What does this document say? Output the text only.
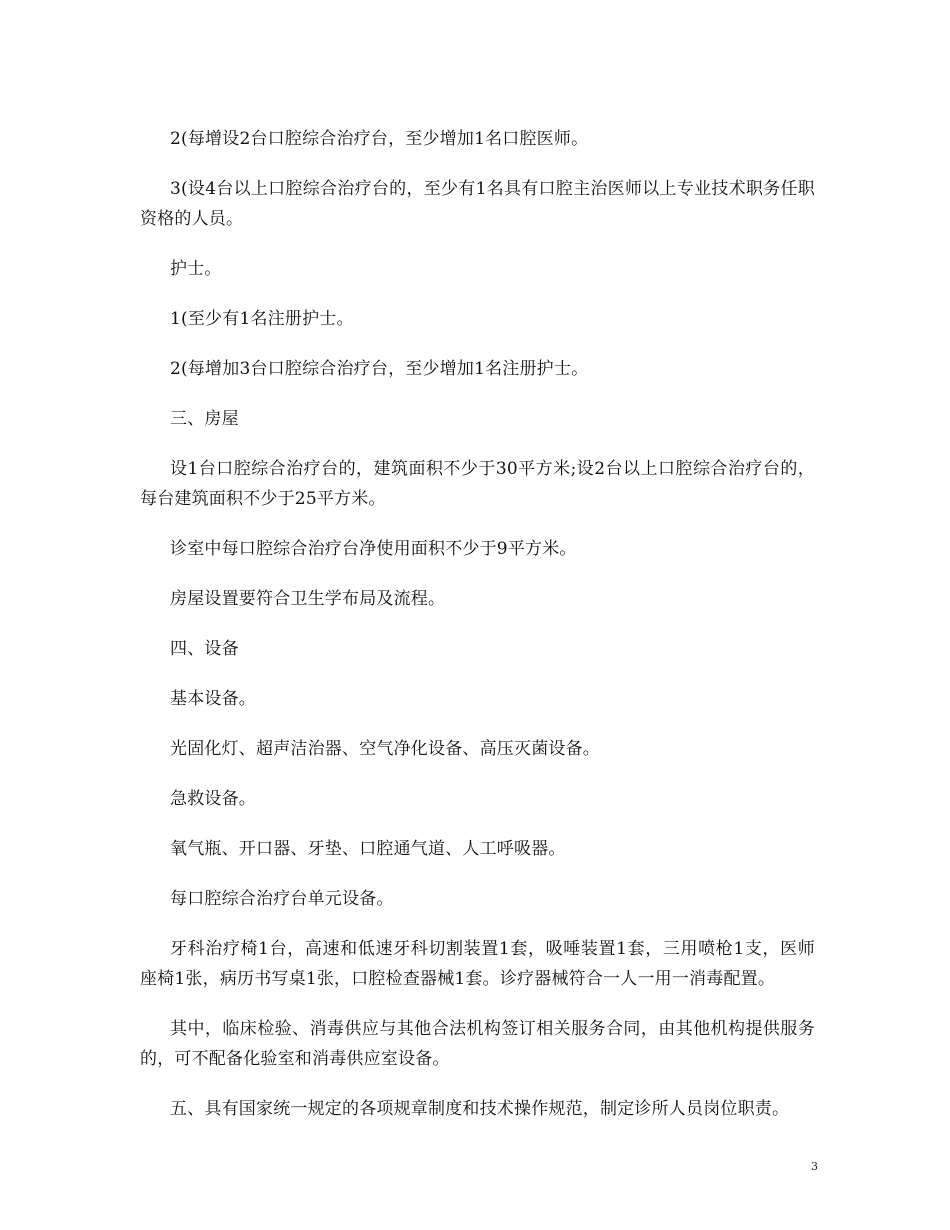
2(每增设2台口腔综合治疗台，至少增加1名口腔医师。

3(设4台以上口腔综合治疗台的，至少有1名具有口腔主治医师以上专业技术职务任职资格的人员。

护士。

1(至少有1名注册护士。

2(每增加3台口腔综合治疗台，至少增加1名注册护士。

三、房屋

设1台口腔综合治疗台的，建筑面积不少于30平方米;设2台以上口腔综合治疗台的，每台建筑面积不少于25平方米。

诊室中每口腔综合治疗台净使用面积不少于9平方米。

房屋设置要符合卫生学布局及流程。

四、设备

基本设备。

光固化灯、超声洁治器、空气净化设备、高压灭菌设备。

急救设备。

氧气瓶、开口器、牙垫、口腔通气道、人工呼吸器。

每口腔综合治疗台单元设备。

牙科治疗椅1台，高速和低速牙科切割装置1套，吸唾装置1套，三用喷枪1支，医师座椅1张，病历书写桌1张，口腔检查器械1套。诊疗器械符合一人一用一消毒配置。

其中，临床检验、消毒供应与其他合法机构签订相关服务合同，由其他机构提供服务的，可不配备化验室和消毒供应室设备。

五、具有国家统一规定的各项规章制度和技术操作规范，制定诊所人员岗位职责。

3
